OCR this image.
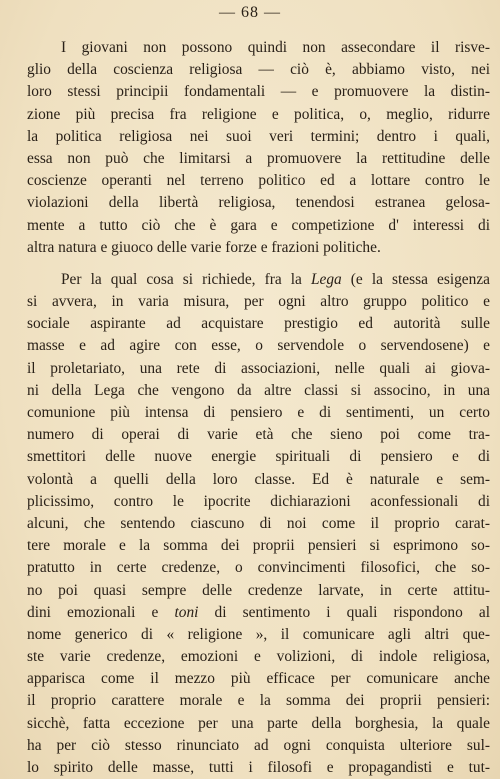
— 68 —
I giovani non possono quindi non assecondare il risve-
glio della coscienza religiosa — ciò è, abbiamo visto, nei
loro stessi principii fondamentali — e promuovere la distin-
zione più precisa fra religione e politica, o, meglio, ridurre
la politica religiosa nei suoi veri termini; dentro i quali,
essa non può che limitarsi a promuovere la rettitudine delle
coscienze operanti nel terreno politico ed a lottare contro le
violazioni della libertà religiosa, tenendosi estranea gelosa-
mente a tutto ciò che è gara e competizione d' interessi di
altra natura e giuoco delle varie forze e frazioni politiche.
Per la qual cosa si richiede, fra la Lega (e la stessa esigenza
si avvera, in varia misura, per ogni altro gruppo politico e
sociale aspirante ad acquistare prestigio ed autorità sulle
masse e ad agire con esse, o servendole o servendosene) e
il proletariato, una rete di associazioni, nelle quali ai giova-
ni della Lega che vengono da altre classi si associno, in una
comunione più intensa di pensiero e di sentimenti, un certo
numero di operai di varie età che sieno poi come tra-
smettitori delle nuove energie spirituali di pensiero e di
volontà a quelli della loro classe. Ed è naturale e sem-
plicissimo, contro le ipocrite dichiarazioni aconfessionali di
alcuni, che sentendo ciascuno di noi come il proprio carat-
tere morale e la somma dei proprii pensieri si esprimono so-
pratutto in certe credenze, o convincimenti filosofici, che so-
no poi quasi sempre delle credenze larvate, in certe attitu-
dini emozionali e toni di sentimento i quali rispondono al
nome generico di « religione », il comunicare agli altri que-
ste varie credenze, emozioni e volizioni, di indole religiosa,
apparisca come il mezzo più efficace per comunicare anche
il proprio carattere morale e la somma dei proprii pensieri:
sicchè, fatta eccezione per una parte della borghesia, la quale
ha per ciò stesso rinunciato ad ogni conquista ulteriore sul-
lo spirito delle masse, tutti i filosofi e propagandisti e tut-
